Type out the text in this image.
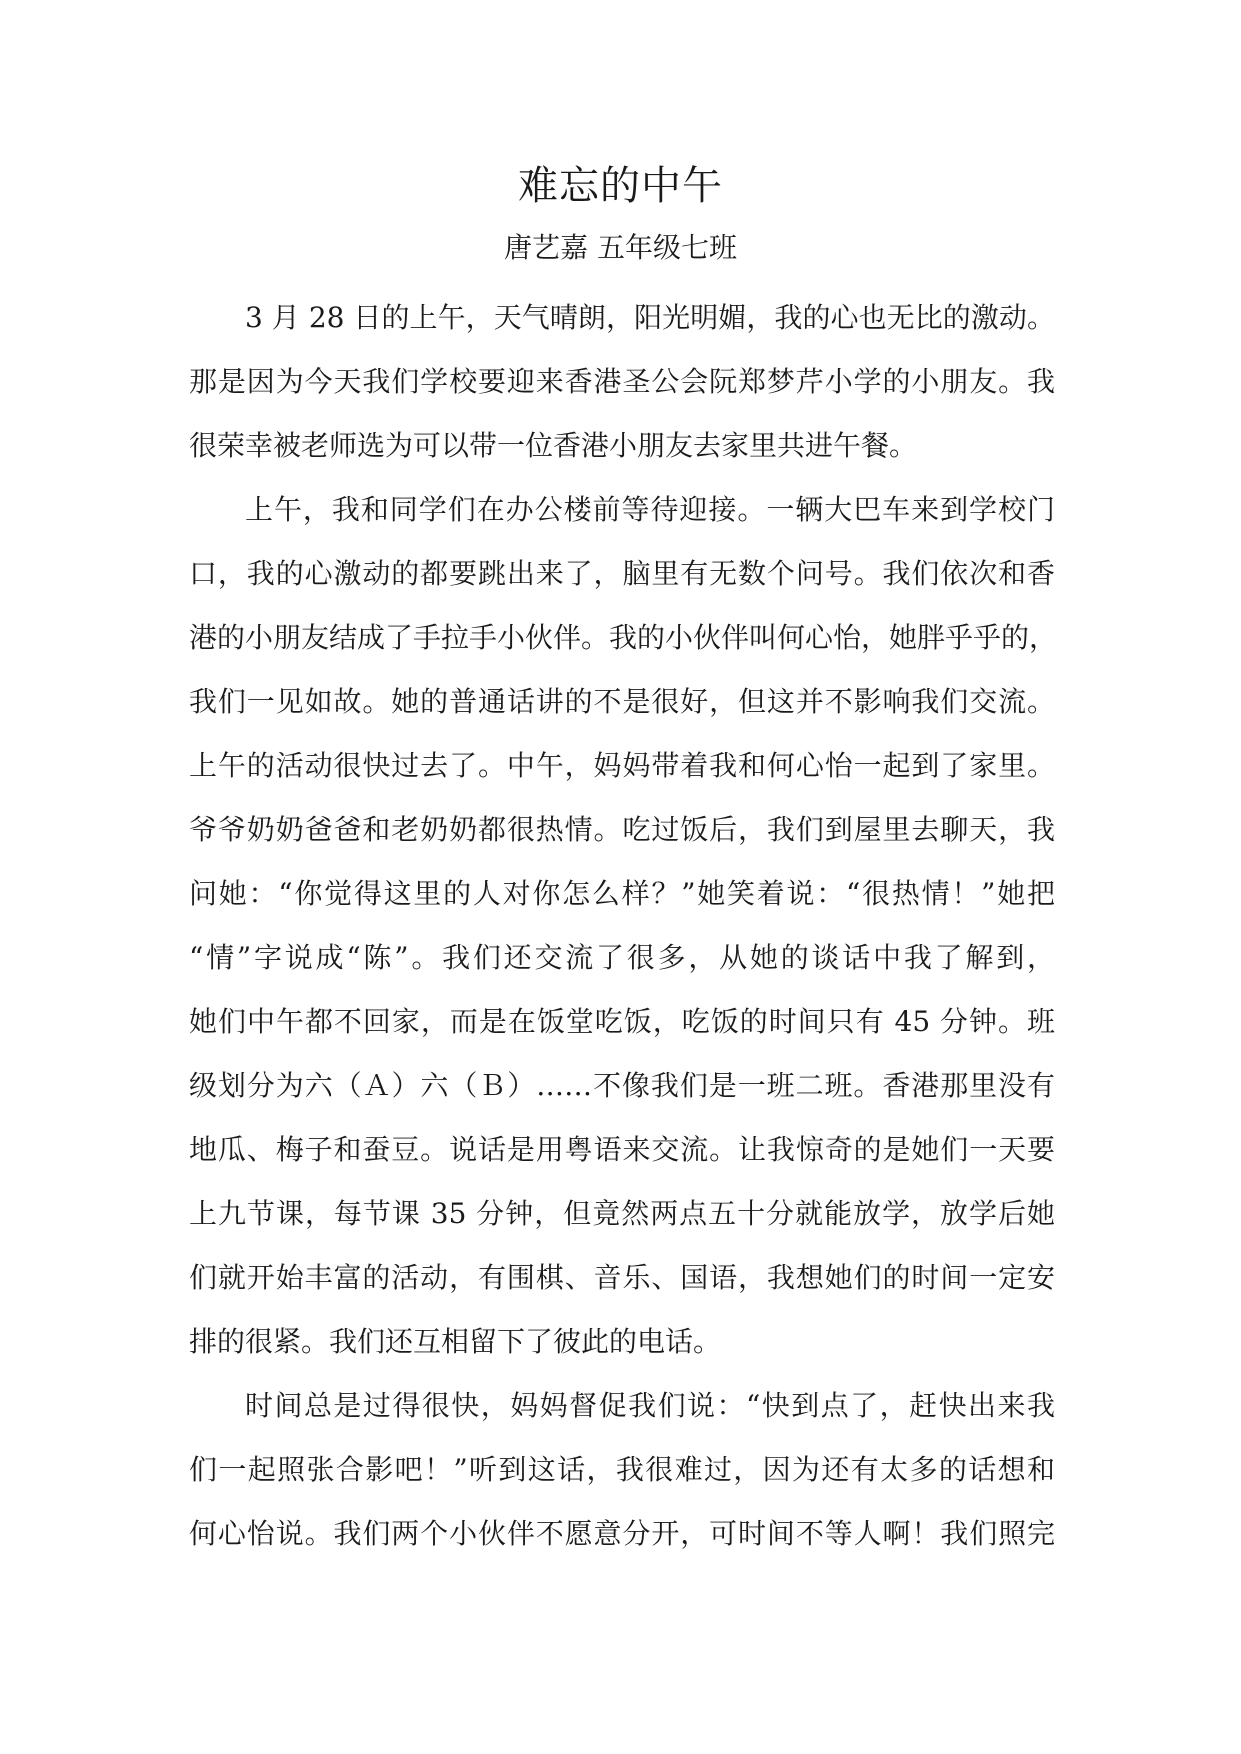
难忘的中午
唐艺嘉 五年级七班
3 月 28 日的上午，天气晴朗，阳光明媚，我的心也无比的激动。
那是因为今天我们学校要迎来香港圣公会阮郑梦芹小学的小朋友。我
很荣幸被老师选为可以带一位香港小朋友去家里共进午餐。
上午，我和同学们在办公楼前等待迎接。一辆大巴车来到学校门
口，我的心激动的都要跳出来了，脑里有无数个问号。我们依次和香
港的小朋友结成了手拉手小伙伴。我的小伙伴叫何心怡，她胖乎乎的，
我们一见如故。她的普通话讲的不是很好，但这并不影响我们交流。
上午的活动很快过去了。中午，妈妈带着我和何心怡一起到了家里。
爷爷奶奶爸爸和老奶奶都很热情。吃过饭后，我们到屋里去聊天，我
问她：“你觉得这里的人对你怎么样？”她笑着说：“很热情！”她把
“情”字说成“陈”。我们还交流了很多，从她的谈话中我了解到，
她们中午都不回家，而是在饭堂吃饭，吃饭的时间只有 45 分钟。班
级划分为六（Ａ）六（Ｂ）……不像我们是一班二班。香港那里没有
地瓜、梅子和蚕豆。说话是用粤语来交流。让我惊奇的是她们一天要
上九节课，每节课 35 分钟，但竟然两点五十分就能放学，放学后她
们就开始丰富的活动，有围棋、音乐、国语，我想她们的时间一定安
排的很紧。我们还互相留下了彼此的电话。
时间总是过得很快，妈妈督促我们说：“快到点了，赶快出来我
们一起照张合影吧！”听到这话，我很难过，因为还有太多的话想和
何心怡说。我们两个小伙伴不愿意分开，可时间不等人啊！我们照完
